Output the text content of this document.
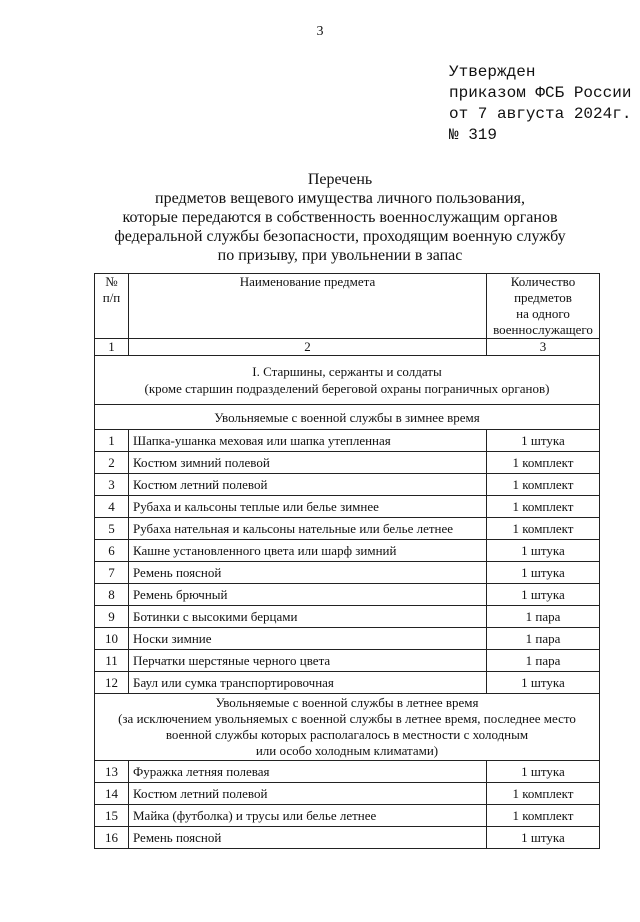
3
Утвержден
приказом ФСБ России
от 7 августа 2024г.
№ 319
Перечень
предметов вещевого имущества личного пользования,
которые передаются в собственность военнослужащим органов
федеральной службы безопасности, проходящим военную службу
по призыву, при увольнении в запас
№ п/п	Наименование предмета	Количество
предметов
на одного
военнослужащего
1	2	3
I. Старшины, сержанты и солдаты
(кроме старшин подразделений береговой охраны пограничных органов)		
Увольняемые с военной службы в зимнее время		
1	Шапка-ушанка меховая или шапка утепленная	1 штука
2	Костюм зимний полевой	1 комплект
3	Костюм летний полевой	1 комплект
4	Рубаха и кальсоны теплые или белье зимнее	1 комплект
5	Рубаха нательная и кальсоны нательные или белье летнее	1 комплект
6	Кашне установленного цвета или шарф зимний	1 штука
7	Ремень поясной	1 штука
8	Ремень брючный	1 штука
9	Ботинки с высокими берцами	1 пара
10	Носки зимние	1 пара
11	Перчатки шерстяные черного цвета	1 пара
12	Баул или сумка транспортировочная	1 штука
Увольняемые с военной службы в летнее время
(за исключением увольняемых с военной службы в летнее время, последнее место
военной службы которых располагалось в местности с холодным
или особо холодным климатами)		
13	Фуражка летняя полевая	1 штука
14	Костюм летний полевой	1 комплект
15	Майка (футболка) и трусы или белье летнее	1 комплект
16	Ремень поясной	1 штука
